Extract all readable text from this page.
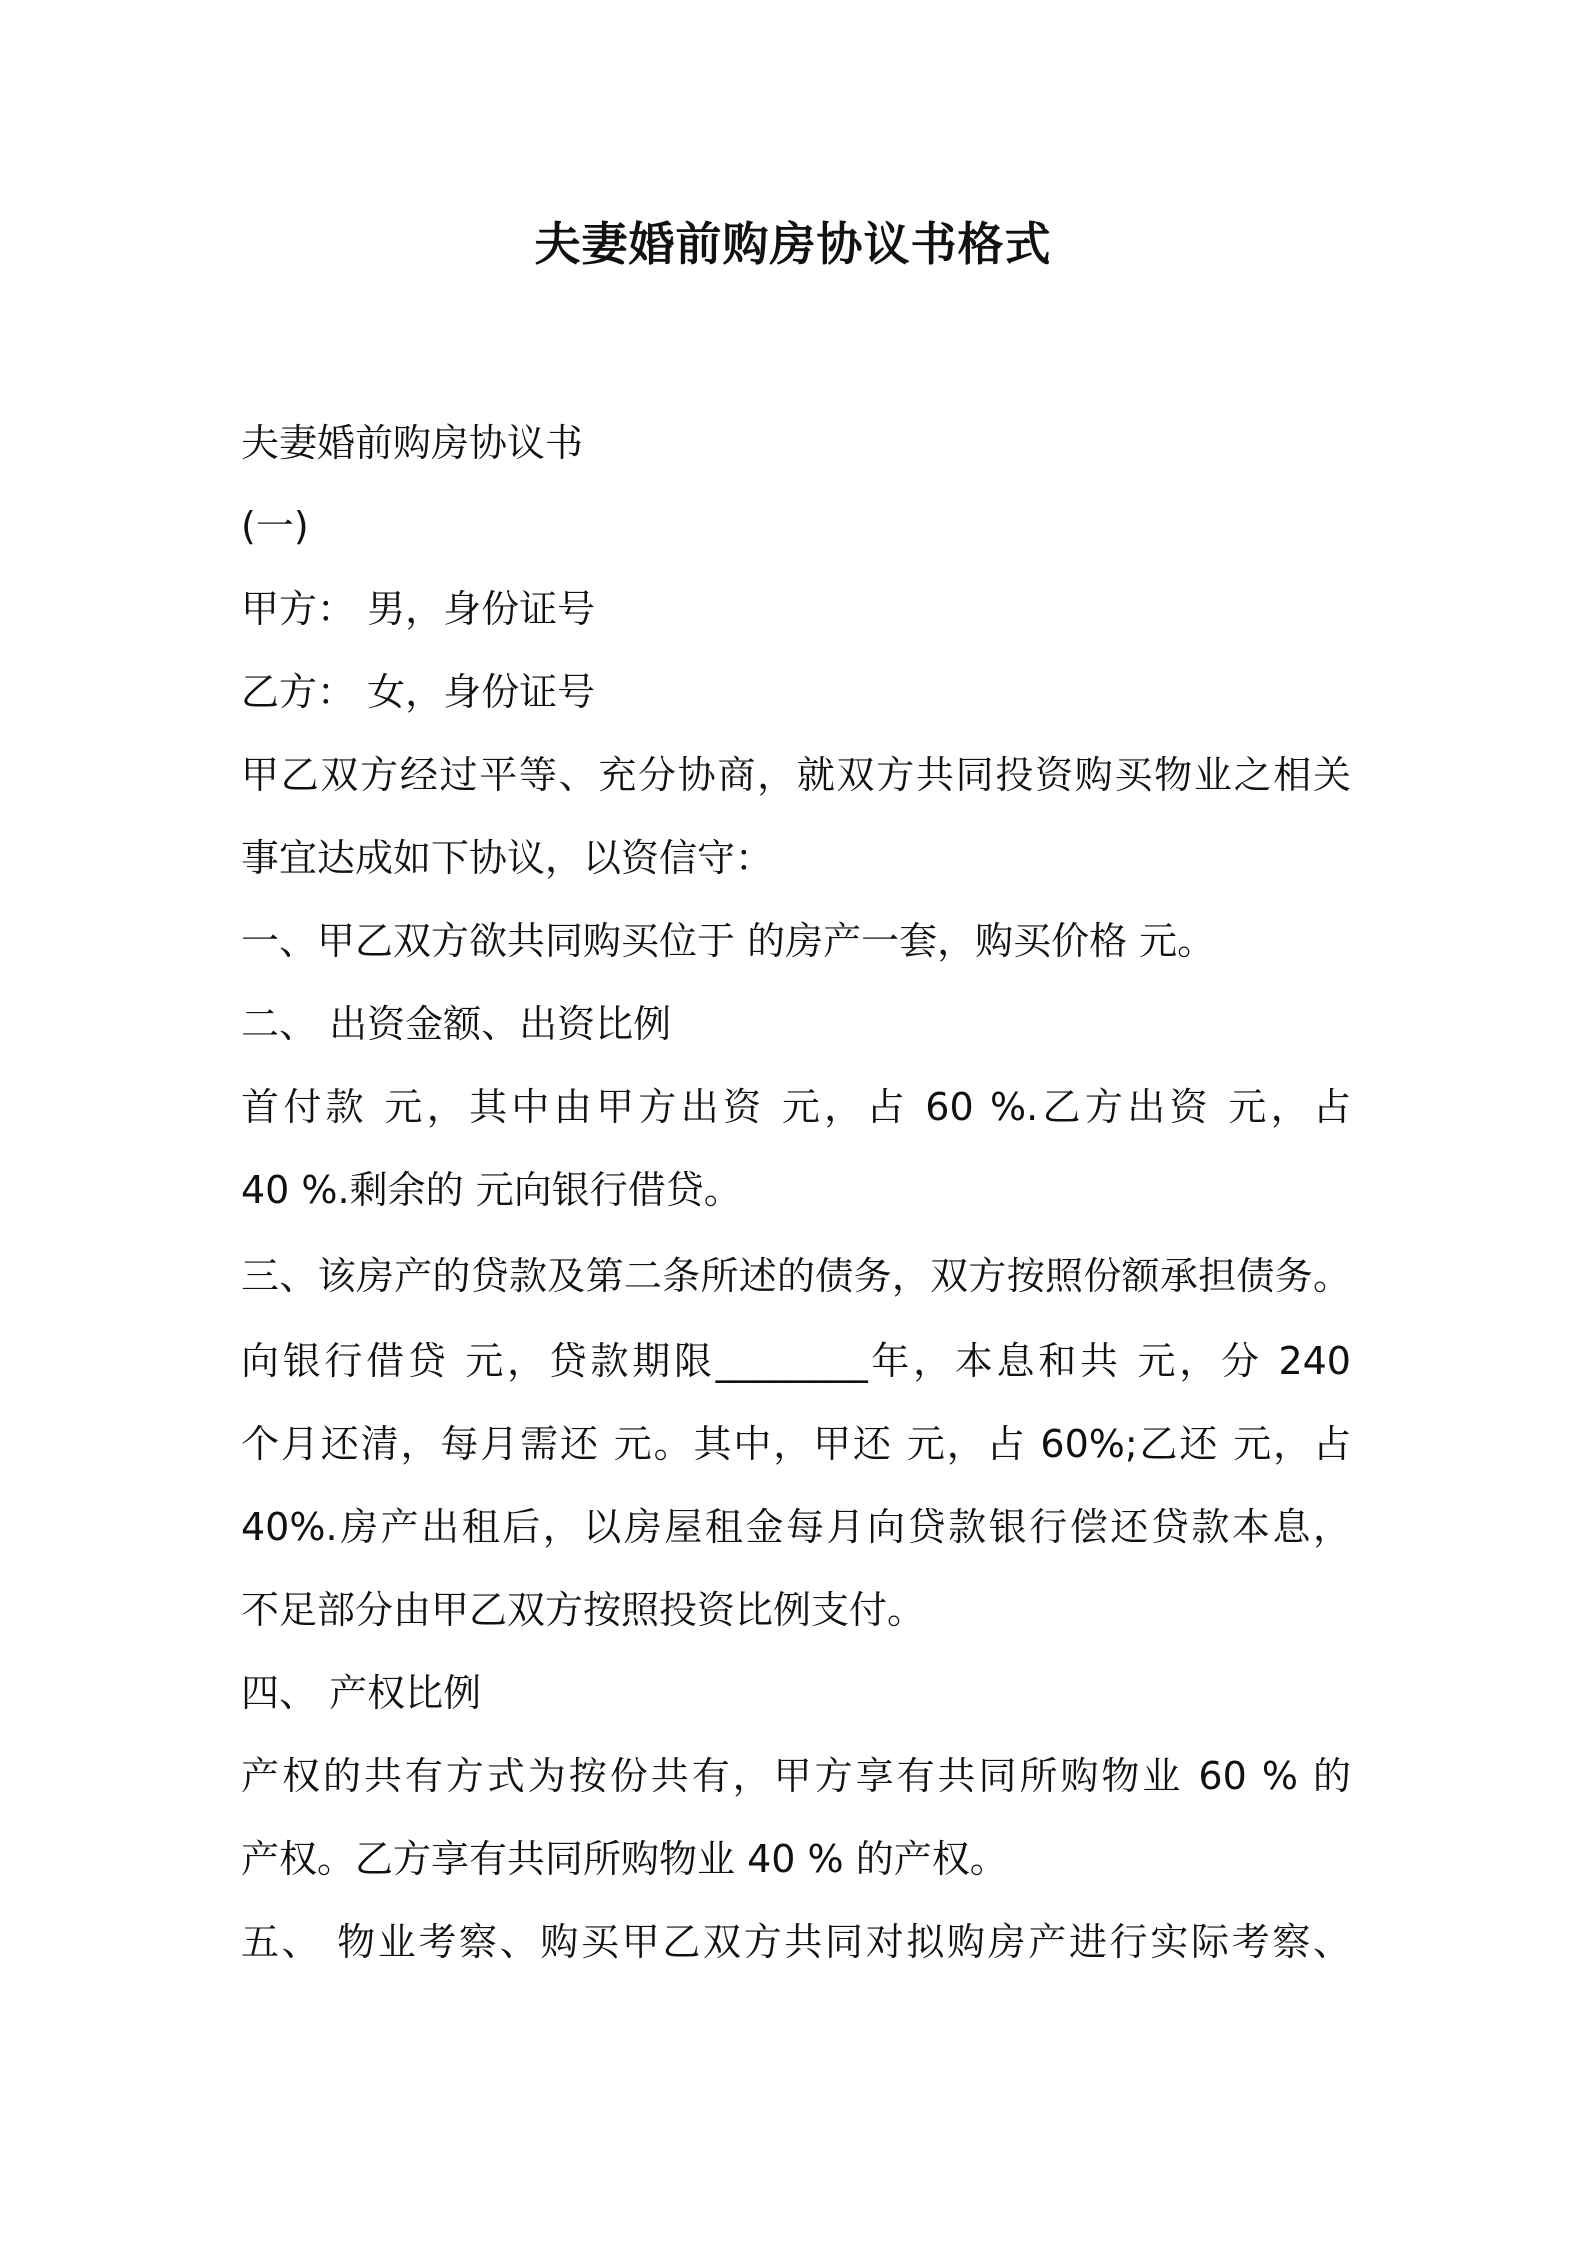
夫妻婚前购房协议书格式

夫妻婚前购房协议书

(一)

甲方： 男，身份证号

乙方： 女，身份证号

甲乙双方经过平等、充分协商，就双方共同投资购买物业之相关

事宜达成如下协议，以资信守：

一、甲乙双方欲共同购买位于 的房产一套，购买价格 元。

二、 出资金额、出资比例

首付款 元，其中由甲方出资 元，占 60 %.乙方出资 元，占

40 %.剩余的 元向银行借贷。

三、该房产的贷款及第二条所述的债务，双方按照份额承担债务。

向银行借贷 元，贷款期限________年，本息和共 元，分 240

个月还清，每月需还 元。其中，甲还 元，占 60%;乙还 元，占

40%.房产出租后，以房屋租金每月向贷款银行偿还贷款本息，

不足部分由甲乙双方按照投资比例支付。

四、 产权比例

产权的共有方式为按份共有，甲方享有共同所购物业 60 % 的

产权。乙方享有共同所购物业 40 % 的产权。

五、 物业考察、购买甲乙双方共同对拟购房产进行实际考察、
